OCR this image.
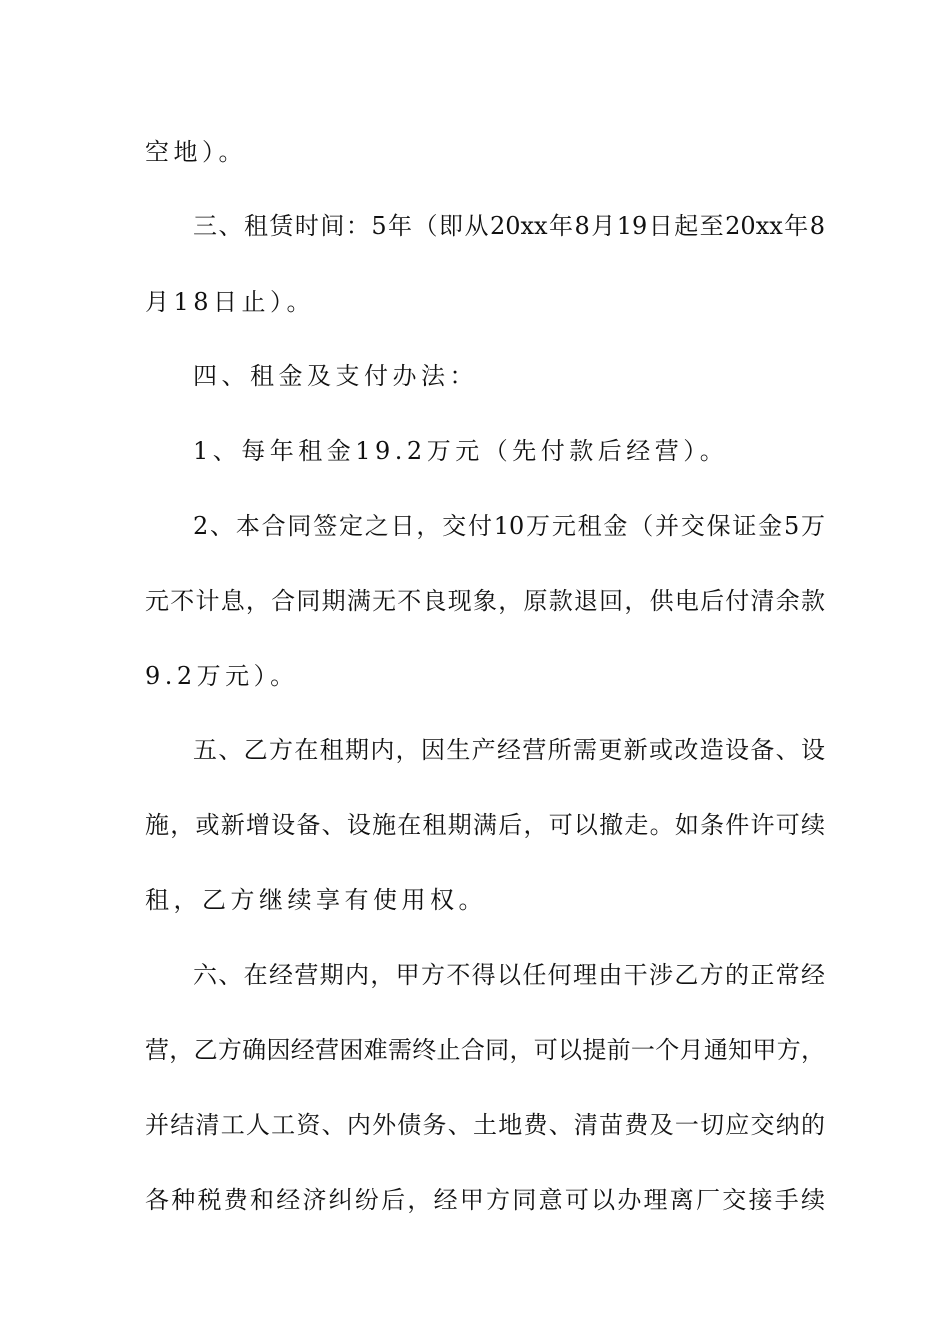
空地）。
三、租赁时间：5年（即从20xx年8月19日起至20xx年8
月18日止）。
四、租金及支付办法：
1、每年租金19.2万元（先付款后经营）。
2、本合同签定之日，交付10万元租金（并交保证金5万
元不计息，合同期满无不良现象，原款退回，供电后付清余款
9.2万元）。
五、乙方在租期内，因生产经营所需更新或改造设备、设
施，或新增设备、设施在租期满后，可以撤走。如条件许可续
租，乙方继续享有使用权。
六、在经营期内，甲方不得以任何理由干涉乙方的正常经
营，乙方确因经营困难需终止合同，可以提前一个月通知甲方，
并结清工人工资、内外债务、土地费、清苗费及一切应交纳的
各种税费和经济纠纷后，经甲方同意可以办理离厂交接手续
